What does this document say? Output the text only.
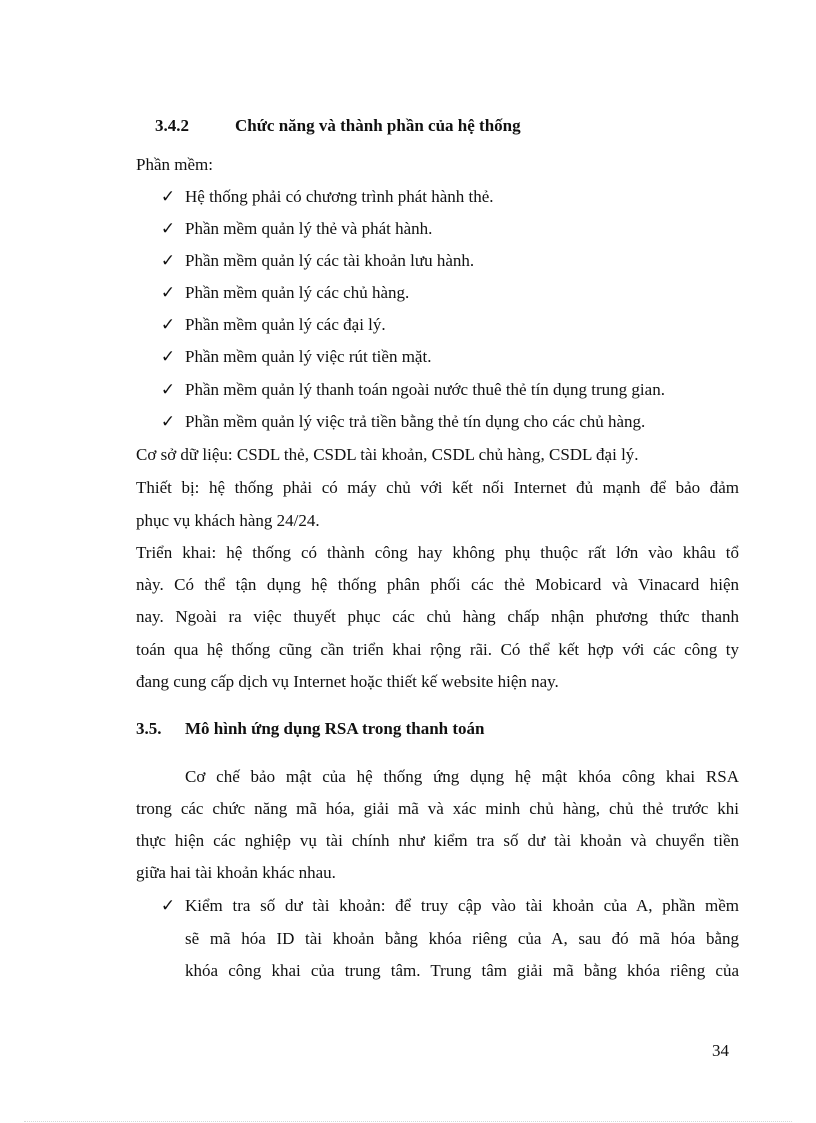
3.4.2	Chức năng và thành phần của hệ thống
Phần mềm:
✓ Hệ thống phải có chương trình phát hành thẻ.
✓ Phần mềm quản lý thẻ và phát hành.
✓ Phần mềm quản lý các tài khoản lưu hành.
✓ Phần mềm quản lý các chủ hàng.
✓ Phần mềm quản lý các đại lý.
✓ Phần mềm quản lý việc rút tiền mặt.
✓ Phần mềm quản lý thanh toán ngoài nước thuê thẻ tín dụng trung gian.
✓ Phần mềm quản lý việc trả tiền bằng thẻ tín dụng cho các chủ hàng.
Cơ sở dữ liệu: CSDL thẻ, CSDL tài khoản, CSDL chủ hàng, CSDL đại lý.
Thiết bị: hệ thống phải có máy chủ với kết nối Internet đủ mạnh để bảo đảm
phục vụ khách hàng 24/24.
Triển khai: hệ thống có thành công hay không phụ thuộc rất lớn vào khâu tổ
này. Có thể tận dụng hệ thống phân phối các thẻ Mobicard và Vinacard hiện
nay. Ngoài ra việc thuyết phục các chủ hàng chấp nhận phương thức thanh
toán qua hệ thống cũng cần triển khai rộng rãi. Có thể kết hợp với các công ty
đang cung cấp dịch vụ Internet hoặc thiết kế website hiện nay.
3.5. Mô hình ứng dụng RSA trong thanh toán
Cơ chế bảo mật của hệ thống ứng dụng hệ mật khóa công khai RSA
trong các chức năng mã hóa, giải mã và xác minh chủ hàng, chủ thẻ trước khi
thực hiện các nghiệp vụ tài chính như kiểm tra số dư tài khoản và chuyển tiền
giữa hai tài khoản khác nhau.
✓ Kiểm tra số dư tài khoản: để truy cập vào tài khoản của A, phần mềm
sẽ mã hóa ID tài khoản bằng khóa riêng của A, sau đó mã hóa bằng
khóa công khai của trung tâm. Trung tâm giải mã bằng khóa riêng của
34
